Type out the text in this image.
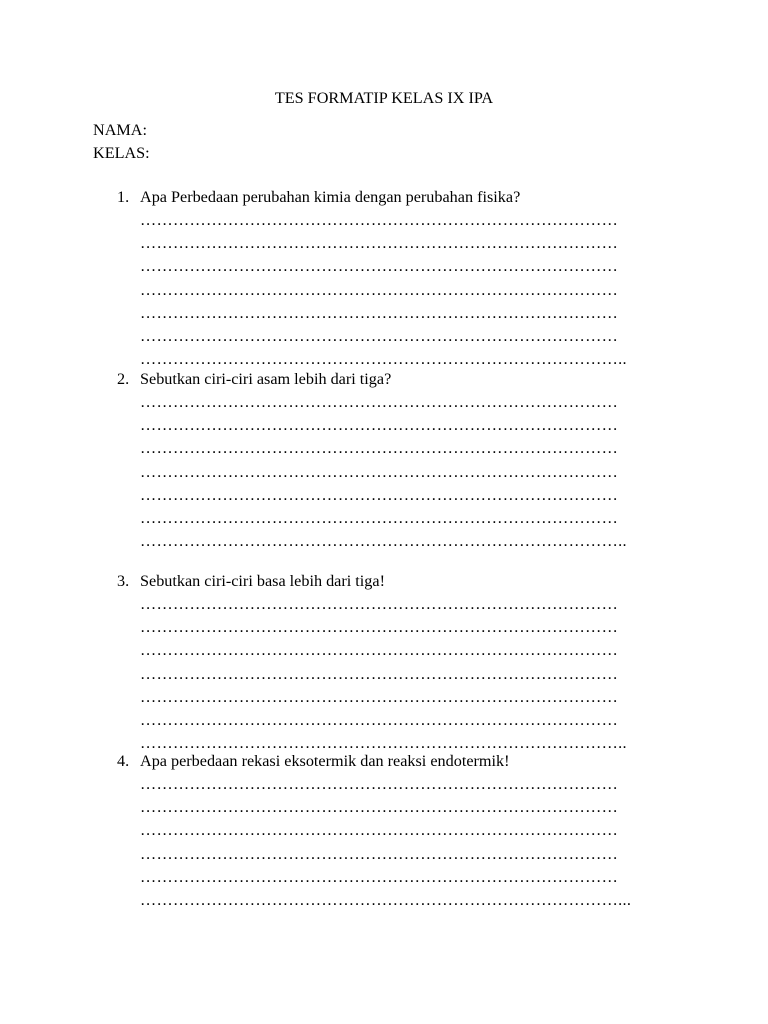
TES FORMATIP KELAS IX IPA
NAMA:
KELAS:
1. Apa Perbedaan perubahan kimia dengan perubahan fisika?
……………………………………………………………………………
……………………………………………………………………………
……………………………………………………………………………
……………………………………………………………………………
……………………………………………………………………………
……………………………………………………………………………
……………………………………………………………………………..
2. Sebutkan ciri-ciri asam lebih dari tiga?
……………………………………………………………………………
……………………………………………………………………………
……………………………………………………………………………
……………………………………………………………………………
……………………………………………………………………………
……………………………………………………………………………
……………………………………………………………………………..
3. Sebutkan ciri-ciri basa lebih dari tiga!
……………………………………………………………………………
……………………………………………………………………………
……………………………………………………………………………
……………………………………………………………………………
……………………………………………………………………………
……………………………………………………………………………
……………………………………………………………………………..
4. Apa perbedaan rekasi eksotermik dan reaksi endotermik!
……………………………………………………………………………
……………………………………………………………………………
……………………………………………………………………………
……………………………………………………………………………
……………………………………………………………………………
……………………………………………………………………………...
